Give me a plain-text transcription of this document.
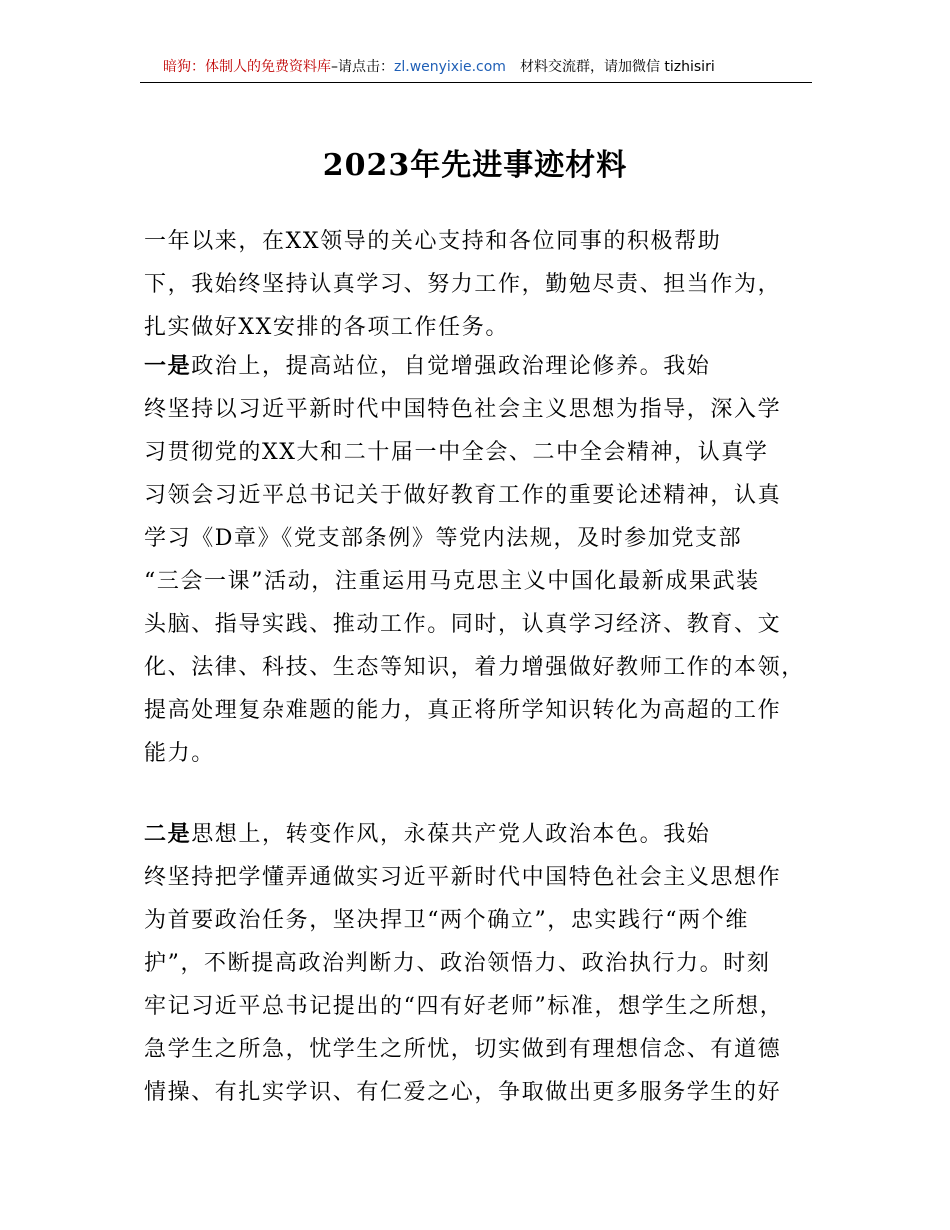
暗狗：体制人的免费资料库–请点击：zl.wenyixie.com 材料交流群，请加微信 tizhisiri
2023年先进事迹材料
一年以来，在XX领导的关心支持和各位同事的积极帮助
下，我始终坚持认真学习、努力工作，勤勉尽责、担当作为，
扎实做好XX安排的各项工作任务。
一是政治上，提高站位，自觉增强政治理论修养。我始
终坚持以习近平新时代中国特色社会主义思想为指导，深入学
习贯彻党的XX大和二十届一中全会、二中全会精神，认真学
习领会习近平总书记关于做好教育工作的重要论述精神，认真
学习《D章》《党支部条例》等党内法规，及时参加党支部
“三会一课”活动，注重运用马克思主义中国化最新成果武装
头脑、指导实践、推动工作。同时，认真学习经济、教育、文
化、法律、科技、生态等知识，着力增强做好教师工作的本领，
提高处理复杂难题的能力，真正将所学知识转化为高超的工作
能力。
二是思想上，转变作风，永葆共产党人政治本色。我始
终坚持把学懂弄通做实习近平新时代中国特色社会主义思想作
为首要政治任务，坚决捍卫“两个确立”，忠实践行“两个维
护”，不断提高政治判断力、政治领悟力、政治执行力。时刻
牢记习近平总书记提出的“四有好老师”标准，想学生之所想，
急学生之所急，忧学生之所忧，切实做到有理想信念、有道德
情操、有扎实学识、有仁爱之心，争取做出更多服务学生的好
